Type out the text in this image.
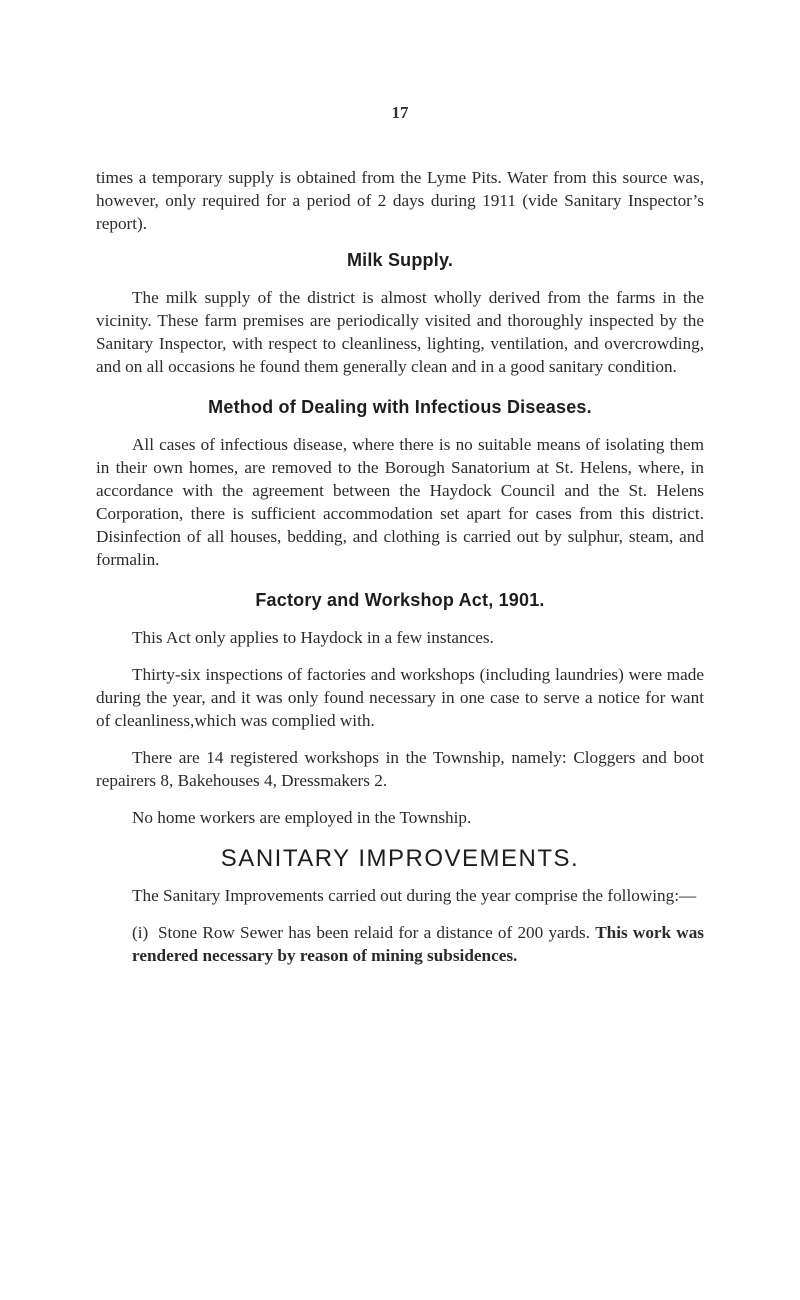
17

times a temporary supply is obtained from the Lyme Pits. Water from this source was, however, only required for a period of 2 days during 1911 (vide Sanitary Inspector’s report).

Milk Supply.

The milk supply of the district is almost wholly derived from the farms in the vicinity. These farm premises are periodically visited and thoroughly inspected by the Sanitary Inspector, with respect to cleanliness, lighting, ventilation, and overcrowding, and on all occasions he found them generally clean and in a good sanitary condition.

Method of Dealing with Infectious Diseases.

All cases of infectious disease, where there is no suitable means of isolating them in their own homes, are removed to the Borough Sanatorium at St. Helens, where, in accordance with the agreement between the Haydock Council and the St. Helens Corporation, there is sufficient accommodation set apart for cases from this district. Disinfection of all houses, bedding, and clothing is carried out by sulphur, steam, and formalin.

Factory and Workshop Act, 1901.

This Act only applies to Haydock in a few instances.

Thirty-six inspections of factories and workshops (including laundries) were made during the year, and it was only found necessary in one case to serve a notice for want of cleanliness,which was complied with.

There are 14 registered workshops in the Township, namely: Cloggers and boot repairers 8, Bakehouses 4, Dressmakers 2.

No home workers are employed in the Township.

SANITARY IMPROVEMENTS.

The Sanitary Improvements carried out during the year comprise the following:—

(i) Stone Row Sewer has been relaid for a distance of 200 yards. This work was rendered necessary by reason of mining subsidences.
